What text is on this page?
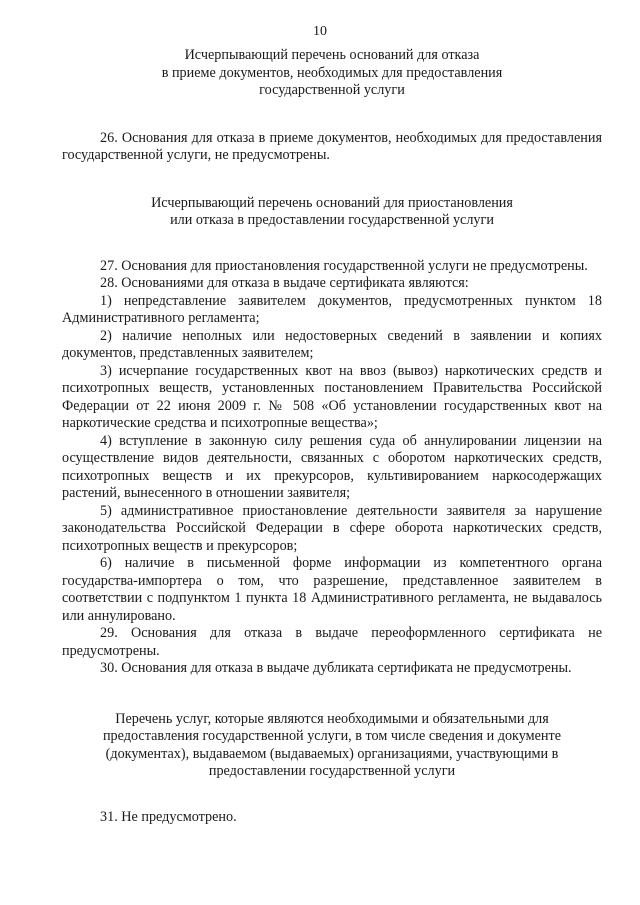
10
Исчерпывающий перечень оснований для отказа
в приеме документов, необходимых для предоставления
государственной услуги

26. Основания для отказа в приеме документов, необходимых для предоставления государственной услуги, не предусмотрены.

Исчерпывающий перечень оснований для приостановления
или отказа в предоставлении государственной услуги

27. Основания для приостановления государственной услуги не предусмотрены.

28. Основаниями для отказа в выдаче сертификата являются:

1) непредставление заявителем документов, предусмотренных пунктом 18 Административного регламента;

2) наличие неполных или недостоверных сведений в заявлении и копиях документов, представленных заявителем;

3) исчерпание государственных квот на ввоз (вывоз) наркотических средств и психотропных веществ, установленных постановлением Правительства Российской Федерации от 22 июня 2009 г. № 508 «Об установлении государственных квот на наркотические средства и психотропные вещества»;

4) вступление в законную силу решения суда об аннулировании лицензии на осуществление видов деятельности, связанных с оборотом наркотических средств, психотропных веществ и их прекурсоров, культивированием наркосодержащих растений, вынесенного в отношении заявителя;

5) административное приостановление деятельности заявителя за нарушение законодательства Российской Федерации в сфере оборота наркотических средств, психотропных веществ и прекурсоров;

6) наличие в письменной форме информации из компетентного органа государства-импортера о том, что разрешение, представленное заявителем в соответствии с подпунктом 1 пункта 18 Административного регламента, не выдавалось или аннулировано.

29. Основания для отказа в выдаче переоформленного сертификата не предусмотрены.

30. Основания для отказа в выдаче дубликата сертификата не предусмотрены.

Перечень услуг, которые являются необходимыми и обязательными для
предоставления государственной услуги, в том числе сведения и документе
(документах), выдаваемом (выдаваемых) организациями, участвующими в
предоставлении государственной услуги

31. Не предусмотрено.
